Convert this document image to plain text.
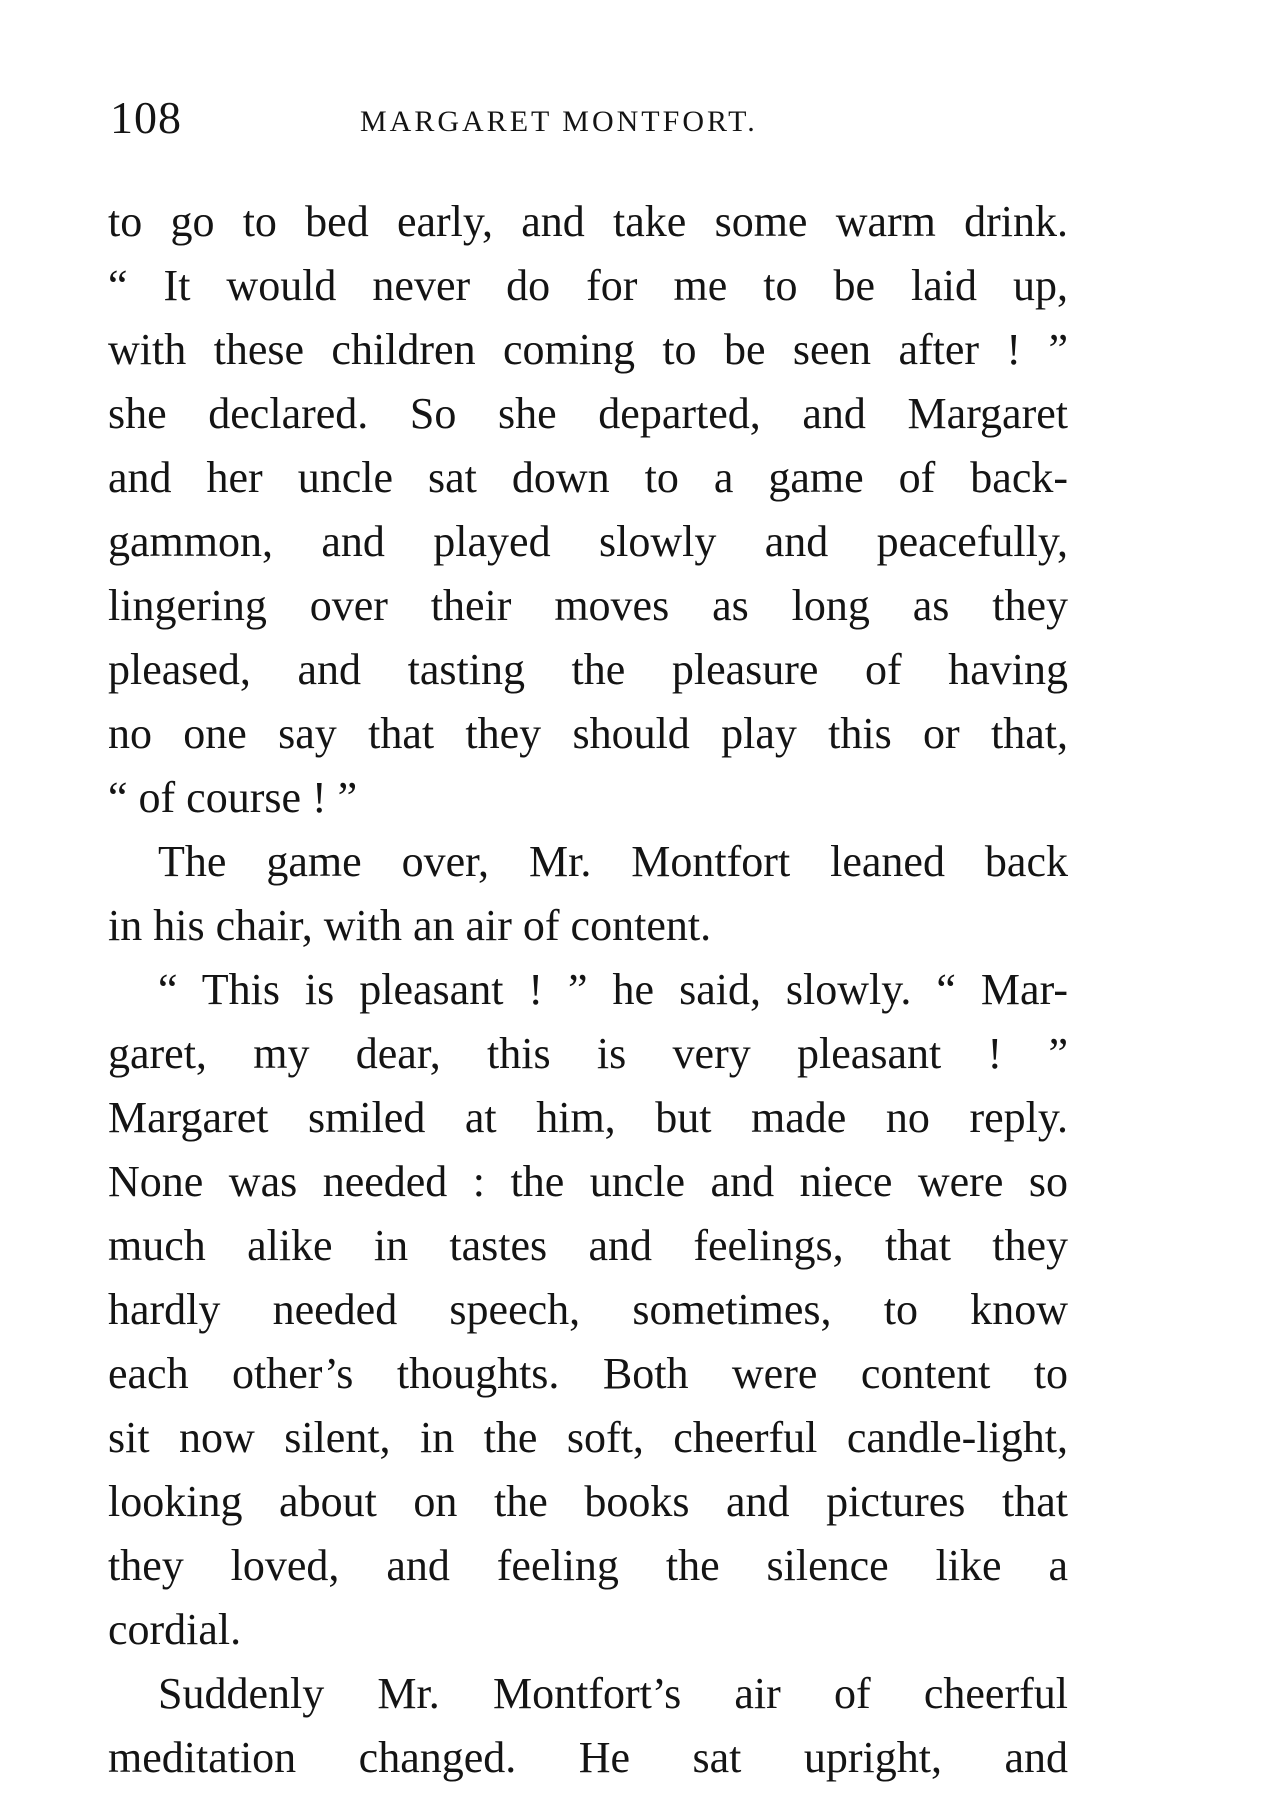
108	MARGARET MONTFORT.
to go to bed early, and take some warm drink.
“ It would never do for me to be laid up,
with these children coming to be seen after ! ”
she declared. So she departed, and Margaret
and her uncle sat down to a game of back-
gammon, and played slowly and peacefully,
lingering over their moves as long as they
pleased, and tasting the pleasure of having
no one say that they should play this or that,
“ of course ! ”
The game over, Mr. Montfort leaned back
in his chair, with an air of content.
“ This is pleasant ! ” he said, slowly. “ Mar-
garet, my dear, this is very pleasant ! ”
Margaret smiled at him, but made no reply.
None was needed : the uncle and niece were so
much alike in tastes and feelings, that they
hardly needed speech, sometimes, to know
each other’s thoughts. Both were content to
sit now silent, in the soft, cheerful candle-light,
looking about on the books and pictures that
they loved, and feeling the silence like a
cordial.
Suddenly Mr. Montfort’s air of cheerful
meditation changed. He sat upright, and
